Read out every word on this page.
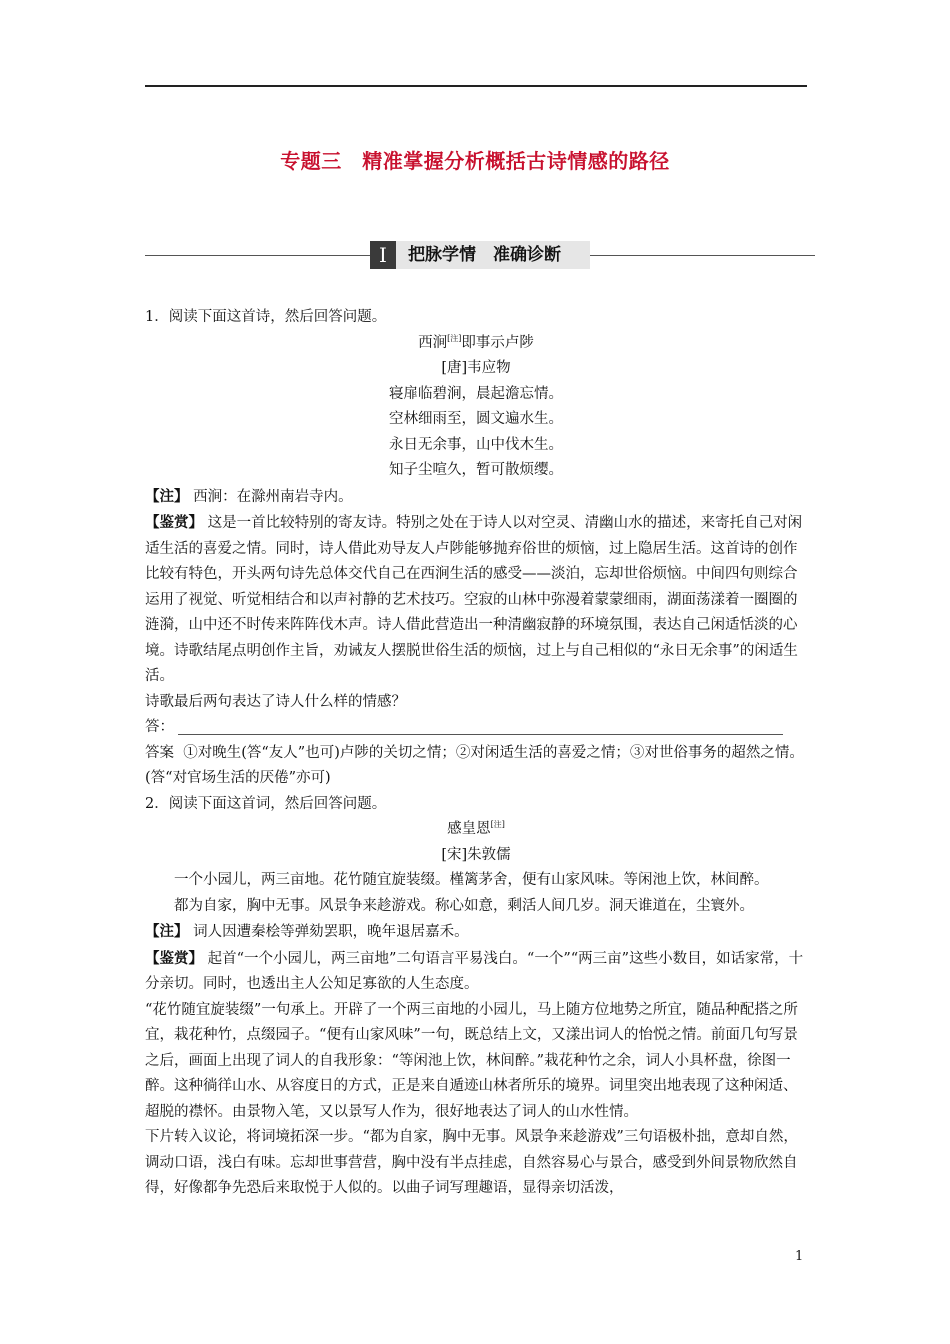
专题三　精准掌握分析概括古诗情感的路径
Ⅰ	把脉学情　准确诊断

1．阅读下面这首诗，然后回答问题。

西涧[注]即事示卢陟

[唐]韦应物

寝扉临碧涧，晨起澹忘情。

空林细雨至，圆文遍水生。

永日无余事，山中伐木生。

知子尘喧久，暂可散烦缨。

【注】 西涧：在滁州南岩寺内。

【鉴赏】 这是一首比较特别的寄友诗。特别之处在于诗人以对空灵、清幽山水的描述，来寄托自己对闲适生活的喜爱之情。同时，诗人借此劝导友人卢陟能够抛弃俗世的烦恼，过上隐居生活。这首诗的创作比较有特色，开头两句诗先总体交代自己在西涧生活的感受——淡泊，忘却世俗烦恼。中间四句则综合运用了视觉、听觉相结合和以声衬静的艺术技巧。空寂的山林中弥漫着蒙蒙细雨，湖面荡漾着一圈圈的涟漪，山中还不时传来阵阵伐木声。诗人借此营造出一种清幽寂静的环境氛围，表达自己闲适恬淡的心境。诗歌结尾点明创作主旨，劝诫友人摆脱世俗生活的烦恼，过上与自己相似的“永日无余事”的闲适生活。

诗歌最后两句表达了诗人什么样的情感？

答：

答案 ①对晚生(答“友人”也可)卢陟的关切之情；②对闲适生活的喜爱之情；③对世俗事务的超然之情。(答“对官场生活的厌倦”亦可)

2．阅读下面这首词，然后回答问题。

感皇恩[注]

[宋]朱敦儒

一个小园儿，两三亩地。花竹随宜旋装缀。槿篱茅舍，便有山家风味。等闲池上饮，林间醉。

都为自家，胸中无事。风景争来趁游戏。称心如意，剩活人间几岁。洞天谁道在，尘寰外。

【注】 词人因遭秦桧等弹劾罢职，晚年退居嘉禾。

【鉴赏】 起首“一个小园儿，两三亩地”二句语言平易浅白。“一个”“两三亩”这些小数目，如话家常，十分亲切。同时，也透出主人公知足寡欲的人生态度。

“花竹随宜旋装缀”一句承上。开辟了一个两三亩地的小园儿，马上随方位地势之所宜，随品种配搭之所宜，栽花种竹，点缀园子。“便有山家风味”一句，既总结上文，又漾出词人的怡悦之情。前面几句写景之后，画面上出现了词人的自我形象：“等闲池上饮，林间醉。”栽花种竹之余，词人小具杯盘，徐图一醉。这种徜徉山水、从容度日的方式，正是来自遁迹山林者所乐的境界。词里突出地表现了这种闲适、超脱的襟怀。由景物入笔，又以景写人作为，很好地表达了词人的山水性情。

下片转入议论，将词境拓深一步。“都为自家，胸中无事。风景争来趁游戏”三句语极朴拙，意却自然，调动口语，浅白有味。忘却世事营营，胸中没有半点挂虑，自然容易心与景合，感受到外间景物欣然自得，好像都争先恐后来取悦于人似的。以曲子词写理趣语，显得亲切活泼，

1
